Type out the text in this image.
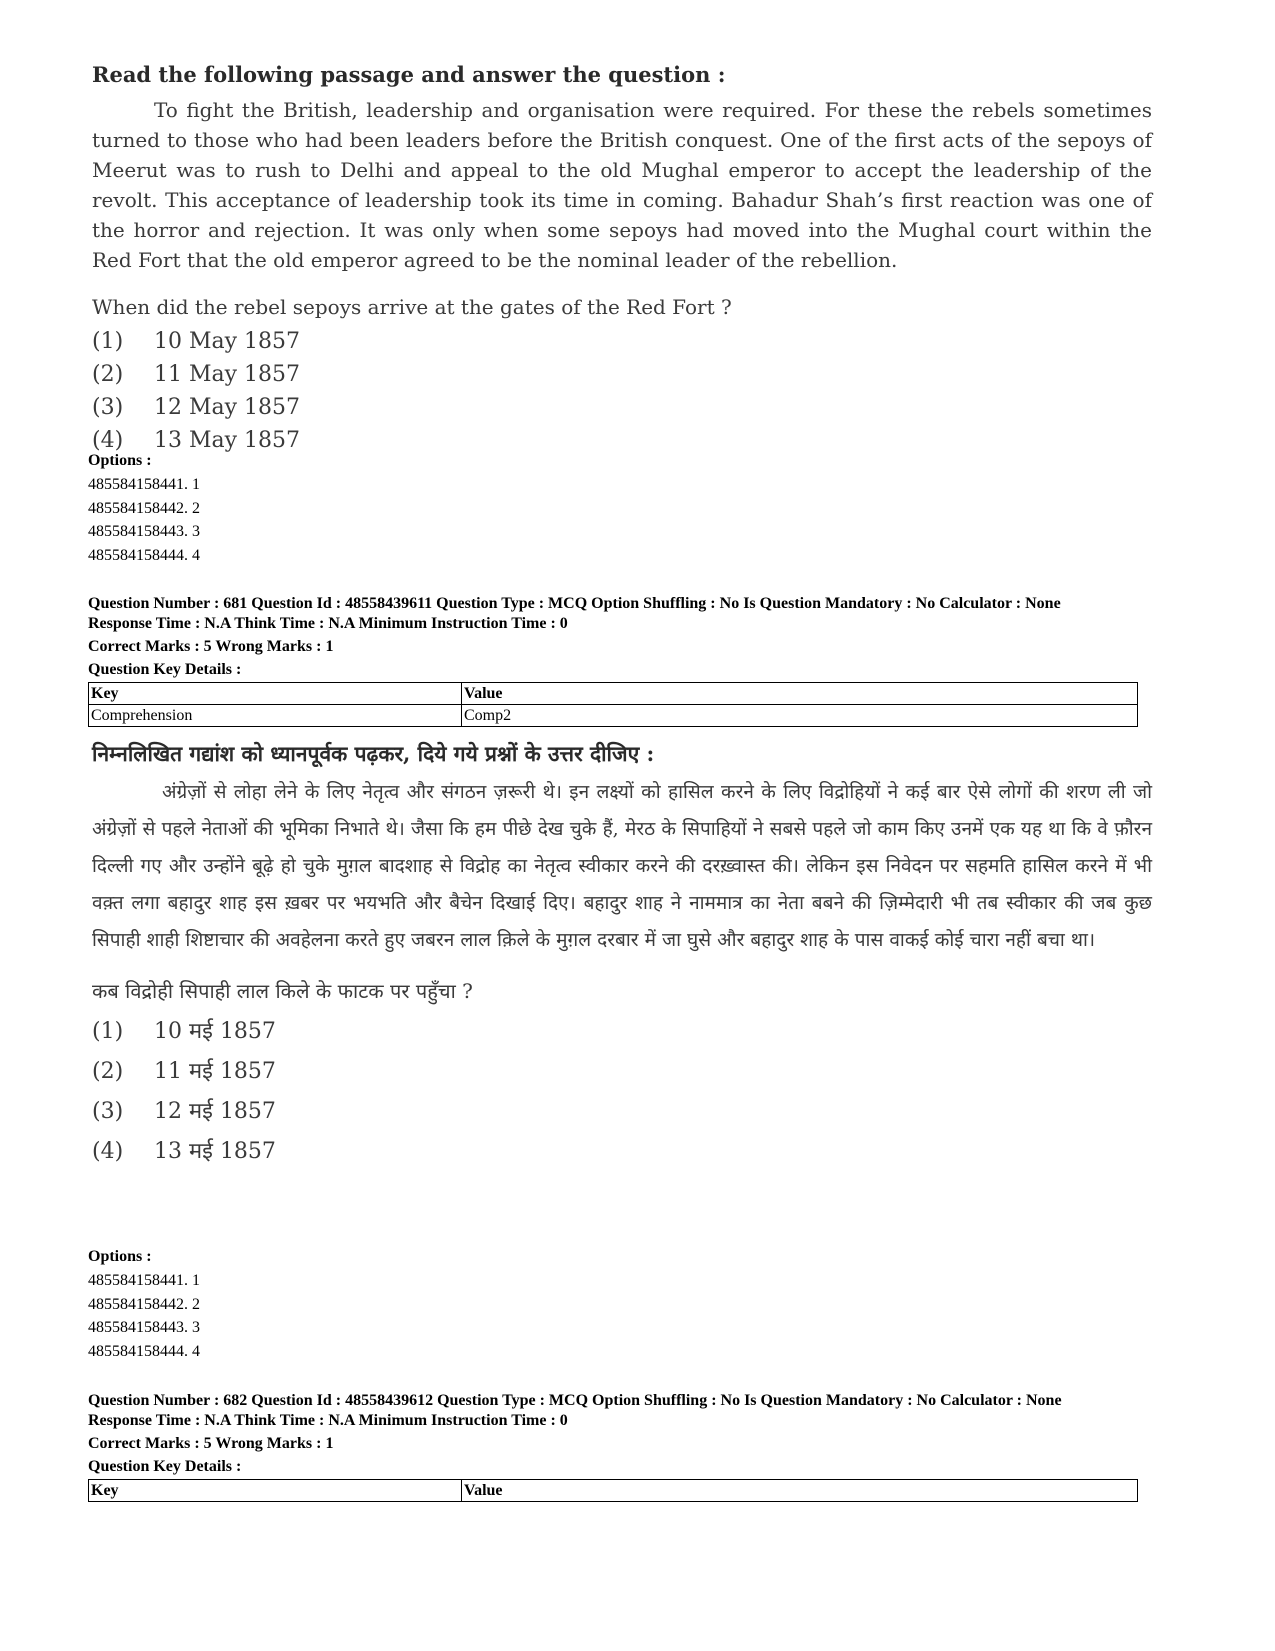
Read the following passage and answer the question :
To fight the British, leadership and organisation were required. For these the rebels sometimes turned to those who had been leaders before the British conquest. One of the first acts of the sepoys of Meerut was to rush to Delhi and appeal to the old Mughal emperor to accept the leadership of the revolt. This acceptance of leadership took its time in coming. Bahadur Shah’s first reaction was one of the horror and rejection. It was only when some sepoys had moved into the Mughal court within the Red Fort that the old emperor agreed to be the nominal leader of the rebellion.
When did the rebel sepoys arrive at the gates of the Red Fort ?
(1) 10 May 1857
(2) 11 May 1857
(3) 12 May 1857
(4) 13 May 1857
Options :
485584158441. 1
485584158442. 2
485584158443. 3
485584158444. 4
Question Number : 681 Question Id : 48558439611 Question Type : MCQ Option Shuffling : No Is Question Mandatory : No Calculator : None
Response Time : N.A Think Time : N.A Minimum Instruction Time : 0
Correct Marks : 5 Wrong Marks : 1
Question Key Details :
Key	Value
Comprehension	Comp2
निम्नलिखित गद्यांश को ध्यानपूर्वक पढ़कर, दिये गये प्रश्नों के उत्तर दीजिए :
अंग्रेज़ों से लोहा लेने के लिए नेतृत्व और संगठन ज़रूरी थे। इन लक्ष्यों को हासिल करने के लिए विद्रोहियों ने कई बार ऐसे लोगों की शरण ली जो अंग्रेज़ों से पहले नेताओं की भूमिका निभाते थे। जैसा कि हम पीछे देख चुके हैं, मेरठ के सिपाहियों ने सबसे पहले जो काम किए उनमें एक यह था कि वे फ़ौरन दिल्ली गए और उन्होंने बूढ़े हो चुके मुग़ल बादशाह से विद्रोह का नेतृत्व स्वीकार करने की दरख़्वास्त की। लेकिन इस निवेदन पर सहमति हासिल करने में भी वक़्त लगा बहादुर शाह इस ख़बर पर भयभति और बैचेन दिखाई दिए। बहादुर शाह ने नाममात्र का नेता बबने की ज़िम्मेदारी भी तब स्वीकार की जब कुछ सिपाही शाही शिष्टाचार की अवहेलना करते हुए जबरन लाल क़िले के मुग़ल दरबार में जा घुसे और बहादुर शाह के पास वाकई कोई चारा नहीं बचा था।
कब विद्रोही सिपाही लाल किले के फाटक पर पहुँचा ?
(1) 10 मई 1857
(2) 11 मई 1857
(3) 12 मई 1857
(4) 13 मई 1857
Options :
485584158441. 1
485584158442. 2
485584158443. 3
485584158444. 4
Question Number : 682 Question Id : 48558439612 Question Type : MCQ Option Shuffling : No Is Question Mandatory : No Calculator : None
Response Time : N.A Think Time : N.A Minimum Instruction Time : 0
Correct Marks : 5 Wrong Marks : 1
Question Key Details :
Key	Value
